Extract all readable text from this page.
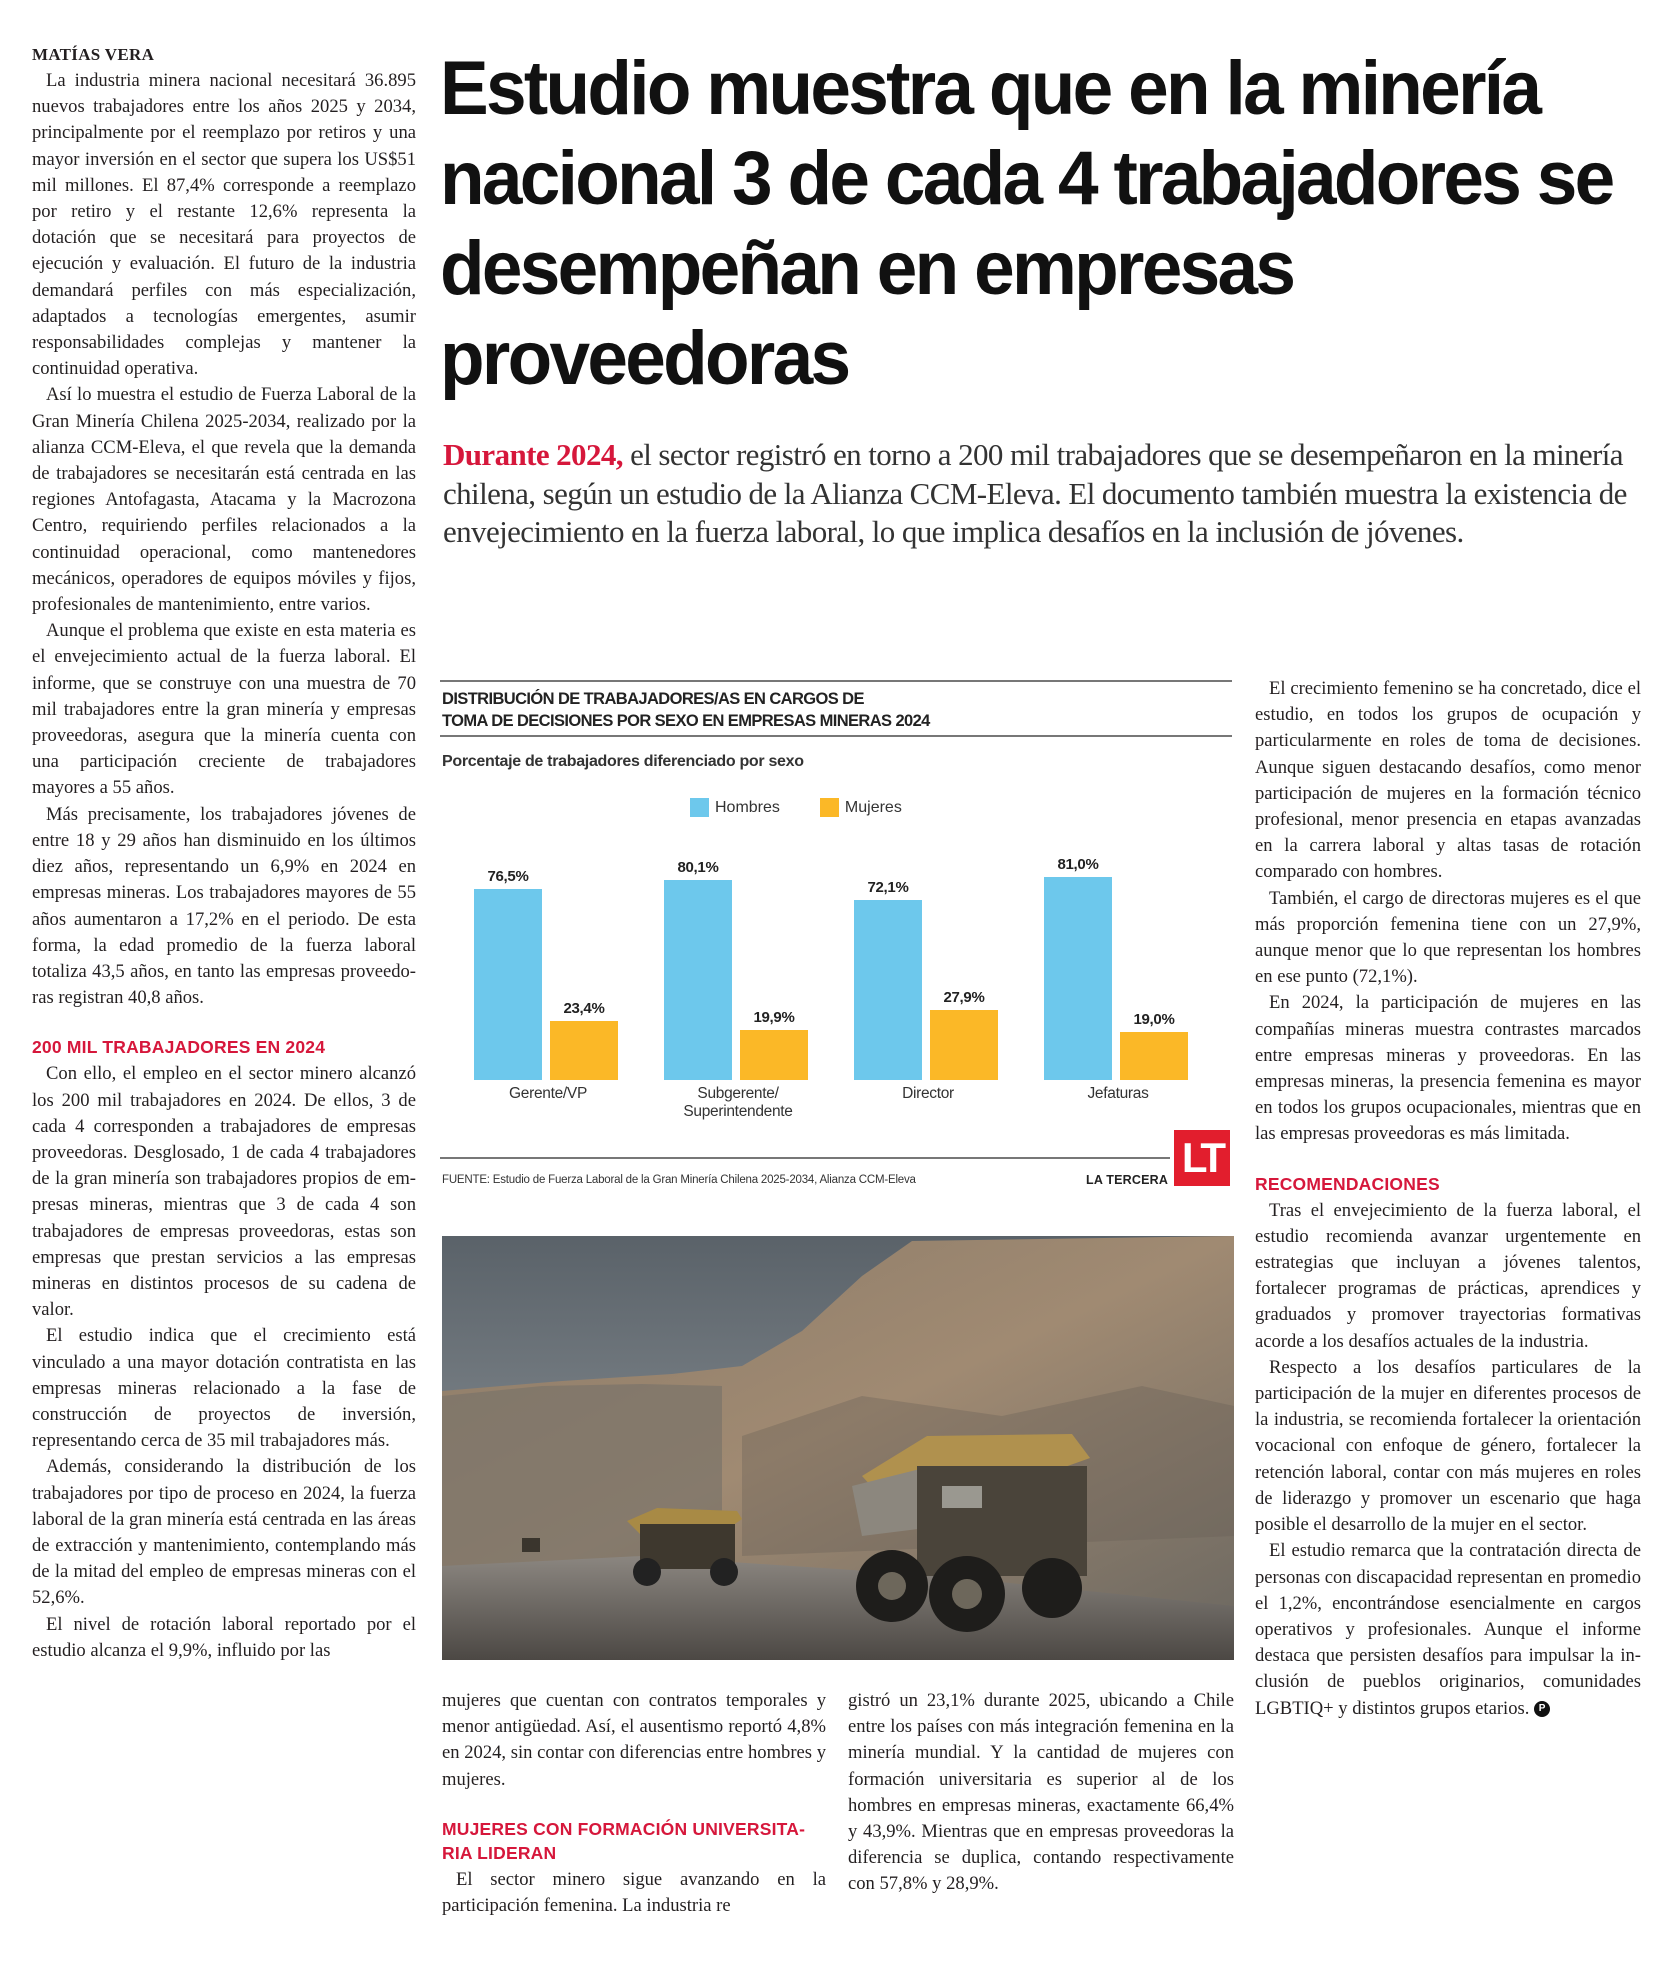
MATÍAS VERA

La industria minera nacional necesitará 36.895 nuevos trabajadores entre los años 2025 y 2034, principalmente por el reemplazo por retiros y una mayor inversión en el sector que supera los US$51 mil millones. El 87,4% corresponde a reemplazo por retiro y el restante 12,6% representa la dotación que se necesitará para proyectos de ejecución y evaluación. El futuro de la industria demandará perfiles con más especialización, adaptados a tecnologías emergentes, asumir responsabilidades complejas y mantener la continuidad operativa.

Así lo muestra el estudio de Fuerza Laboral de la Gran Minería Chilena 2025-2034, realizado por la alianza CCM-Eleva, el que revela que la demanda de trabajadores se necesitarán está centrada en las regiones Antofagasta, Atacama y la Macrozona Centro, requiriendo perfiles relacionados a la continuidad operacional, como mantenedores mecánicos, operadores de equipos móviles y fijos, profesionales de mantenimiento, entre varios.

Aunque el problema que existe en esta materia es el envejecimiento actual de la fuerza laboral. El informe, que se construye con una muestra de 70 mil trabajadores entre la gran minería y empresas proveedoras, asegura que la minería cuenta con una participación creciente de trabajadores mayores a 55 años.

Más precisamente, los trabajadores jóvenes de entre 18 y 29 años han disminuido en los últimos diez años, representando un 6,9% en 2024 en empresas mineras. Los trabajadores mayores de 55 años aumentaron a 17,2% en el periodo. De esta forma, la edad promedio de la fuerza laboral totaliza 43,5 años, en tanto las empresas proveedoras registran 40,8 años.

200 MIL TRABAJADORES EN 2024

Con ello, el empleo en el sector minero alcanzó los 200 mil trabajadores en 2024. De ellos, 3 de cada 4 corresponden a trabajadores de empresas proveedoras. Desglosado, 1 de cada 4 trabajadores de la gran minería son trabajadores propios de empresas mineras, mientras que 3 de cada 4 son trabajadores de empresas proveedoras, estas son empresas que prestan servicios a las empresas mineras en distintos procesos de su cadena de valor.

El estudio indica que el crecimiento está vinculado a una mayor dotación contratista en las empresas mineras relacionado a la fase de construcción de proyectos de inversión, representando cerca de 35 mil trabajadores más.

Además, considerando la distribución de los trabajadores por tipo de proceso en 2024, la fuerza laboral de la gran minería está centrada en las áreas de extracción y mantenimiento, contemplando más de la mitad del empleo de empresas mineras con el 52,6%.

El nivel de rotación laboral reportado por el estudio alcanza el 9,9%, influido por las

Estudio muestra que en la minería nacional 3 de cada 4 trabajadores se desempeñan en empresas proveedoras
Durante 2024, el sector registró en torno a 200 mil trabajadores que se desempeñaron en la minería chilena, según un estudio de la Alianza CCM-Eleva. El documento también muestra la existencia de envejecimiento en la fuerza laboral, lo que implica desafíos en la inclusión de jóvenes.
DISTRIBUCIÓN DE TRABAJADORES/AS EN CARGOS DE
TOMA DE DECISIONES POR SEXO EN EMPRESAS MINERAS 2024
Porcentaje de trabajadores diferenciado por sexo
Hombres	Mujeres
76,5%
23,4%
80,1%
19,9%
72,1%
27,9%
81,0%
19,0%
Gerente/VP	Subgerente/ Superintendente
Director	Jefaturas
FUENTE: Estudio de Fuerza Laboral de la Gran Minería Chilena 2025-2034, Alianza CCM-Eleva	LA TERCERA LT

mujeres que cuentan con contratos temporales y menor antigüedad. Así, el ausentismo reportó 4,8% en 2024, sin contar con diferencias entre hombres y mujeres.

MUJERES CON FORMACIÓN UNIVERSITARIA LIDERAN

El sector minero sigue avanzando en la participación femenina. La industria re

gistró un 23,1% durante 2025, ubicando a Chile entre los países con más integración femenina en la minería mundial. Y la cantidad de mujeres con formación universitaria es superior al de los hombres en empresas mineras, exactamente 66,4% y 43,9%. Mientras que en empresas proveedoras la diferencia se duplica, contando respectivamente con 57,8% y 28,9%.

El crecimiento femenino se ha concretado, dice el estudio, en todos los grupos de ocupación y particularmente en roles de toma de decisiones. Aunque siguen destacando desafíos, como menor participación de mujeres en la formación técnico profesional, menor presencia en etapas avanzadas en la carrera laboral y altas tasas de rotación comparado con hombres.

También, el cargo de directoras mujeres es el que más proporción femenina tiene con un 27,9%, aunque menor que lo que representan los hombres en ese punto (72,1%).

En 2024, la participación de mujeres en las compañías mineras muestra contrastes marcados entre empresas mineras y proveedoras. En las empresas mineras, la presencia femenina es mayor en todos los grupos ocupacionales, mientras que en las empresas proveedoras es más limitada.

RECOMENDACIONES

Tras el envejecimiento de la fuerza laboral, el estudio recomienda avanzar urgentemente en estrategias que incluyan a jóvenes talentos, fortalecer programas de prácticas, aprendices y graduados y promover trayectorias formativas acorde a los desafíos actuales de la industria.

Respecto a los desafíos particulares de la participación de la mujer en diferentes procesos de la industria, se recomienda fortalecer la orientación vocacional con enfoque de género, fortalecer la retención laboral, contar con más mujeres en roles de liderazgo y promover un escenario que haga posible el desarrollo de la mujer en el sector.

El estudio remarca que la contratación directa de personas con discapacidad representan en promedio el 1,2%, encontrándose esencialmente en cargos operativos y profesionales. Aunque el informe destaca que persisten desafíos para impulsar la inclusión de pueblos originarios, comunidades LGBTIQ+ y distintos grupos etarios. P
